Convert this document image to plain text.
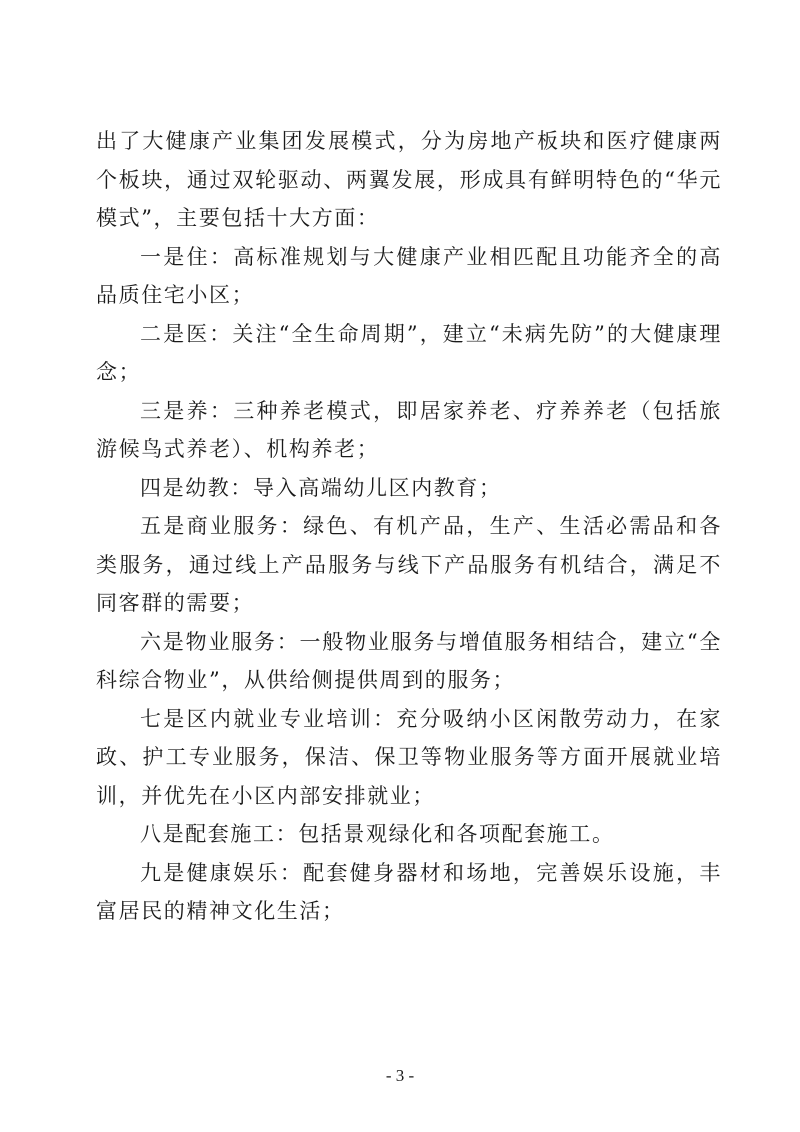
出了大健康产业集团发展模式，分为房地产板块和医疗健康两个板块，通过双轮驱动、两翼发展，形成具有鲜明特色的“华元模式”，主要包括十大方面：

一是住：高标准规划与大健康产业相匹配且功能齐全的高品质住宅小区；

二是医：关注“全生命周期”，建立“未病先防”的大健康理念；

三是养：三种养老模式，即居家养老、疗养养老（包括旅游候鸟式养老）、机构养老；

四是幼教：导入高端幼儿区内教育；

五是商业服务：绿色、有机产品，生产、生活必需品和各类服务，通过线上产品服务与线下产品服务有机结合，满足不同客群的需要；

六是物业服务：一般物业服务与增值服务相结合，建立“全科综合物业”，从供给侧提供周到的服务；

七是区内就业专业培训：充分吸纳小区闲散劳动力，在家政、护工专业服务，保洁、保卫等物业服务等方面开展就业培训，并优先在小区内部安排就业；

八是配套施工：包括景观绿化和各项配套施工。

九是健康娱乐：配套健身器材和场地，完善娱乐设施，丰富居民的精神文化生活；

- 3 -
